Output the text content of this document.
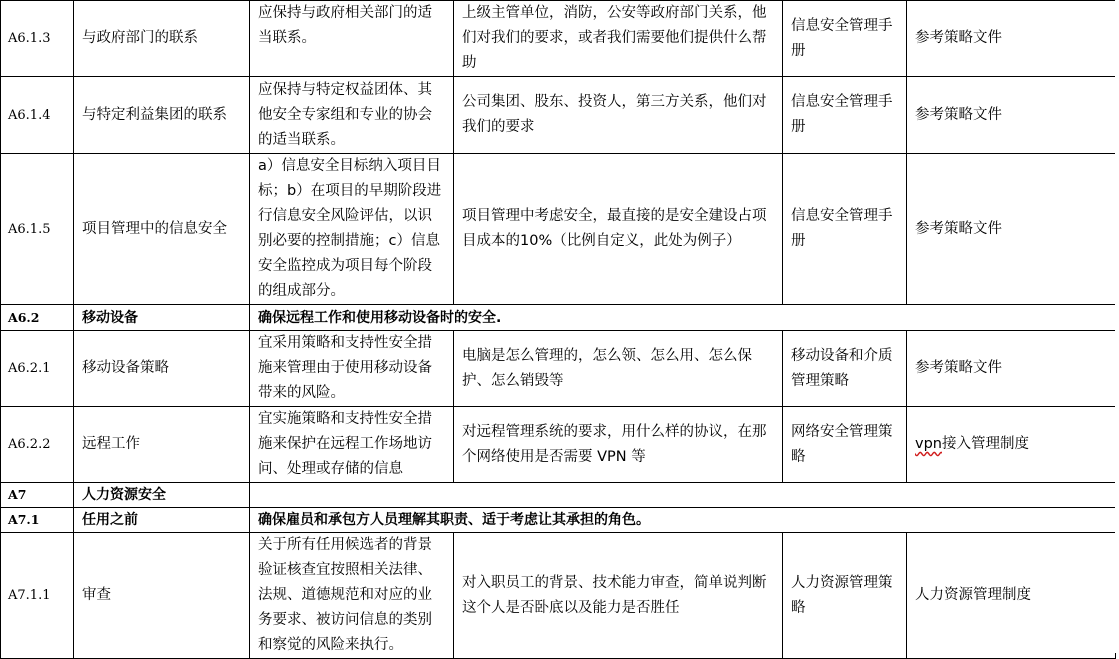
A6.1.3	与政府部门的联系	应保持与政府相关部门的适当联系。	上级主管单位，消防，公安等政府部门关系，他们对我们的要求，或者我们需要他们提供什么帮助	信息安全管理手册	参考策略文件
A6.1.4	与特定利益集团的联系	应保持与特定权益团体、其他安全专家组和专业的协会的适当联系。	公司集团、股东、投资人，第三方关系，他们对我们的要求	信息安全管理手册	参考策略文件
A6.1.5	项目管理中的信息安全	a）信息安全目标纳入项目目标；b）在项目的早期阶段进行信息安全风险评估，以识别必要的控制措施；c）信息安全监控成为项目每个阶段的组成部分。	项目管理中考虑安全，最直接的是安全建设占项目成本的10%（比例自定义，此处为例子）	信息安全管理手册	参考策略文件
A6.2	移动设备	确保远程工作和使用移动设备时的安全.			
A6.2.1	移动设备策略	宜采用策略和支持性安全措施来管理由于使用移动设备带来的风险。	电脑是怎么管理的，怎么领、怎么用、怎么保护、怎么销毁等	移动设备和介质管理策略	参考策略文件
A6.2.2	远程工作	宜实施策略和支持性安全措施来保护在远程工作场地访问、处理或存储的信息	对远程管理系统的要求，用什么样的协议，在那个网络使用是否需要 VPN 等	网络安全管理策略	vpn接入管理制度
A7	人力资源安全				
A7.1	任用之前	确保雇员和承包方人员理解其职责、适于考虑让其承担的角色。			
A7.1.1	审查	关于所有任用候选者的背景验证核查宜按照相关法律、法规、道德规范和对应的业务要求、被访问信息的类别和察觉的风险来执行。	对入职员工的背景、技术能力审查，简单说判断这个人是否卧底以及能力是否胜任	人力资源管理策略	人力资源管理制度
